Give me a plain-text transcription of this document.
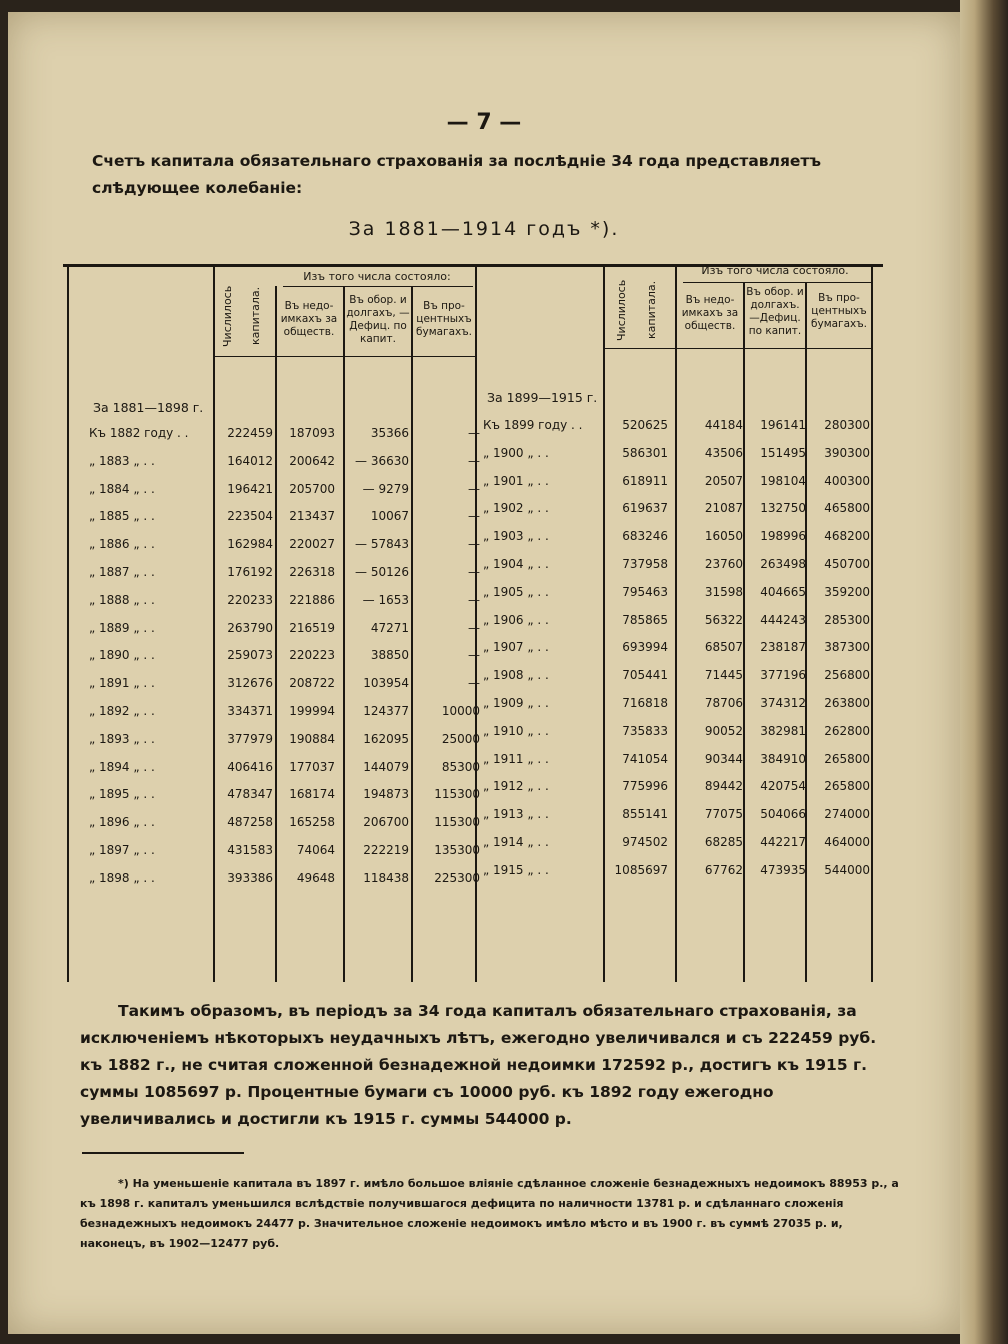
— 7 —
Счетъ капитала обязательнаго страхованія за послѣдніе 34 года представляетъ слѣдующее колебаніе:
За 1881—1914 годъ *).
Числилось капитала.
Изъ того числа состояло:
Въ недо-имкахъ за обществ.
Въ обор. и долгахъ, —Дефиц. по капит.
Въ про-центныхъ бумагахъ.	Числилось капитала.
Изъ того числа состояло.
Въ недо-имкахъ за обществ.
Въ обор. и долгахъ. —Дефиц. по капит.
Въ про-центныхъ бумагахъ.
За 1881—1898 г.
За 1899—1915 г.
Къ 1882 году . .	222459	187093	35366	—
Къ 1899 году . .	520625	44184	196141	280300
„ 1883 „ . .	164012	200642	— 36630	—
„ 1900 „ . .	586301	43506	151495	390300
„ 1884 „ . .	196421	205700	— 9279	—
„ 1901 „ . .	618911	20507	198104	400300
„ 1885 „ . .	223504	213437	10067	—
„ 1902 „ . .	619637	21087	132750	465800
„ 1886 „ . .	162984	220027	— 57843	—
„ 1903 „ . .	683246	16050	198996	468200
„ 1887 „ . .	176192	226318	— 50126	—
„ 1904 „ . .	737958	23760	263498	450700
„ 1888 „ . .	220233	221886	— 1653	—
„ 1905 „ . .	795463	31598	404665	359200
„ 1889 „ . .	263790	216519	47271	—
„ 1906 „ . .	785865	56322	444243	285300
„ 1890 „ . .	259073	220223	38850	—
„ 1907 „ . .	693994	68507	238187	387300
„ 1891 „ . .	312676	208722	103954	—
„ 1908 „ . .	705441	71445	377196	256800
„ 1892 „ . .	334371	199994	124377	10000
„ 1909 „ . .	716818	78706	374312	263800
„ 1893 „ . .	377979	190884	162095	25000
„ 1910 „ . .	735833	90052	382981	262800
„ 1894 „ . .	406416	177037	144079	85300
„ 1911 „ . .	741054	90344	384910	265800
„ 1895 „ . .	478347	168174	194873	115300
„ 1912 „ . .	775996	89442	420754	265800
„ 1896 „ . .	487258	165258	206700	115300
„ 1913 „ . .	855141	77075	504066	274000
„ 1897 „ . .	431583	74064	222219	135300
„ 1914 „ . .	974502	68285	442217	464000
„ 1898 „ . .	393386	49648	118438	225300
„ 1915 „ . .	1085697	67762	473935	544000
Такимъ образомъ, въ періодъ за 34 года капиталъ обязательнаго страхованія, за исключеніемъ нѣкоторыхъ неудачныхъ лѣтъ, ежегодно увеличивался и съ 222459 руб. къ 1882 г., не считая сложенной безнадежной недоимки 172592 р., достигъ къ 1915 г. суммы 1085697 р. Процентные бумаги съ 10000 руб. къ 1892 году ежегодно увеличивались и достигли къ 1915 г. суммы 544000 р.
*) На уменьшеніе капитала въ 1897 г. имѣло большое вліяніе сдѣланное сложеніе безнадежныхъ недоимокъ 88953 р., а къ 1898 г. капиталъ уменьшился вслѣдствіе получившагося дефицита по наличности 13781 р. и сдѣланнаго сложенія безнадежныхъ недоимокъ 24477 р. Значительное сложеніе недоимокъ имѣло мѣсто и въ 1900 г. въ суммѣ 27035 р. и, наконецъ, въ 1902—12477 руб.
